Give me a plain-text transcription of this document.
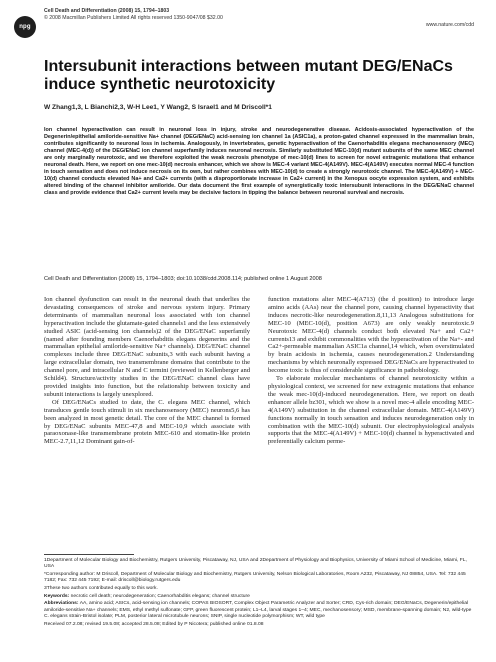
npg
Cell Death and Differentiation (2008) 15, 1794–1803
© 2008 Macmillan Publishers Limited All rights reserved 1350-9047/08 $32.00
www.nature.com/cdd
Intersubunit interactions between mutant DEG/ENaCs induce synthetic neurotoxicity
W Zhang1,3, L Bianchi2,3, W-H Lee1, Y Wang2, S Israel1 and M Driscoll*1

Ion channel hyperactivation can result in neuronal loss in injury, stroke and neurodegenerative disease. Acidosis-associated hyperactivation of the Degenerin/epithelial amiloride-sensitive Na+ channel (DEG/ENaC) acid-sensing ion channel 1a (ASIC1a), a proton-gated channel expressed in the mammalian brain, contributes significantly to neuronal loss in ischemia. Analogously, in invertebrates, genetic hyperactivation of the Caenorhabditis elegans mechanosensory (MEC) channel (MEC-4(d)) of the DEG/ENaC ion channel superfamily induces neuronal necrosis. Similarly substituted MEC-10(d) mutant subunits of the same MEC channel are only marginally neurotoxic, and we therefore exploited the weak necrosis phenotype of mec-10(d) lines to screen for novel extragenic mutations that enhance neuronal death. Here, we report on one mec-10(d) necrosis enhancer, which we show is MEC-4 variant MEC-4(A149V). MEC-4(A149V) executes normal MEC-4 function in touch sensation and does not induce necrosis on its own, but rather combines with MEC-10(d) to create a strongly neurotoxic channel. The MEC-4(A149V) + MEC-10(d) channel conducts elevated Na+ and Ca2+ currents (with a disproportionate increase in Ca2+ current) in the Xenopus oocyte expression system, and exhibits altered binding of the channel inhibitor amiloride. Our data document the first example of synergistically toxic intersubunit interactions in the DEG/ENaC channel class and provide evidence that Ca2+ current levels may be decisive factors in tipping the balance between neuronal survival and necrosis.

Cell Death and Differentiation (2008) 15, 1794–1803; doi:10.1038/cdd.2008.114; published online 1 August 2008

Ion channel dysfunction can result in the neuronal death that underlies the devastating consequences of stroke and nervous system injury. Primary determinants of mammalian neuronal loss associated with ion channel hyperactivation include the glutamate-gated channels1 and the less extensively studied ASIC (acid-sensing ion channels)2 of the DEG/ENaC superfamily (named after founding members Caenorhabditis elegans degenerins and the mammalian epithelial amiloride-sensitive Na+ channels). DEG/ENaC channel complexes include three DEG/ENaC subunits,3 with each subunit having a large extracellular domain, two transmembrane domains that contribute to the channel pore, and intracellular N and C termini (reviewed in Kellenberger and Schild4). Structure/activity studies in the DEG/ENaC channel class have provided insights into function, but the relationship between toxicity and subunit interactions is largely unexplored.

Of DEG/ENaCs studied to date, the C. elegans MEC channel, which transduces gentle touch stimuli in six mechanosensory (MEC) neurons5,6 has been analyzed in most genetic detail. The core of the MEC channel is formed by DEG/ENaC subunits MEC-47,8 and MEC-10,9 which associate with paraoxonase-like transmembrane protein MEC-610 and stomatin-like protein MEC-2.7,11,12 Dominant gain-of-

function mutations alter MEC-4(A713) (the d position) to introduce large amino acids (AAs) near the channel pore, causing channel hyperactivity that induces necrotic-like neurodegeneration.8,11,13 Analogous substitutions for MEC-10 (MEC-10(d), position A673) are only weakly neurotoxic.9 Neurotoxic MEC-4(d) channels conduct both elevated Na+ and Ca2+ currents13 and exhibit commonalities with the hyperactivation of the Na+- and Ca2+-permeable mammalian ASIC1a channel,14 which, when overstimulated by brain acidosis in ischemia, causes neurodegeneration.2 Understanding mechanisms by which neuronally expressed DEG/ENaCs are hyperactivated to become toxic is thus of considerable significance in pathobiology.

To elaborate molecular mechanisms of channel neurotoxicity within a physiological context, we screened for new extragenic mutations that enhance the weak mec-10(d)-induced neurodegeneration. Here, we report on death enhancer allele bz301, which we show is a novel mec-4 allele encoding MEC-4(A149V) substitution in the channel extracellular domain. MEC-4(A149V) functions normally in touch sensation and induces neurodegeneration only in combination with the MEC-10(d) subunit. Our electrophysiological analysis supports that the MEC-4(A149V) + MEC-10(d) channel is hyperactivated and preferentially calcium perme-

1Department of Molecular Biology and Biochemistry, Rutgers University, Piscataway, NJ, USA and 2Department of Physiology and Biophysics, University of Miami School of Medicine, Miami, FL, USA
*Corresponding author: M Driscoll, Department of Molecular Biology and Biochemistry, Rutgers University, Nelson Biological Laboratories, Room A232, Piscataway, NJ 08854, USA. Tel: 732 445 7182; Fax: 732 445 7192; E-mail: driscoll@biology.rutgers.edu
3These two authors contributed equally to this work.
Keywords: necrotic cell death; neurodegeneration; Caenorhabditis elegans; channel structure
Abbreviations: AA, amino acid; ASICs, acid-sensing ion channels; COPAS BIOSORT, Complex Object Parametric Analyzer and Sorter; CRD, Cys-rich domain; DEG/ENaCs, Degenerin/epithelial amiloride-sensitive Na+ channels; EMS, ethyl methyl sulfonate; GFP, green fluorescent protein; L1–L4, larval stages 1–4; MEC, mechanosensory; MSD, membrane-spanning domain; N2, wild-type C. elegans strain-Bristol isolate; PLM, posterior lateral microtubule neurons; SNIP, single nucleotide polymorphism; WT, wild type
Received 07.2.08; revised 19.5.08; accepted 28.5.08; Edited by P Nicotera; published online 01.8.08
